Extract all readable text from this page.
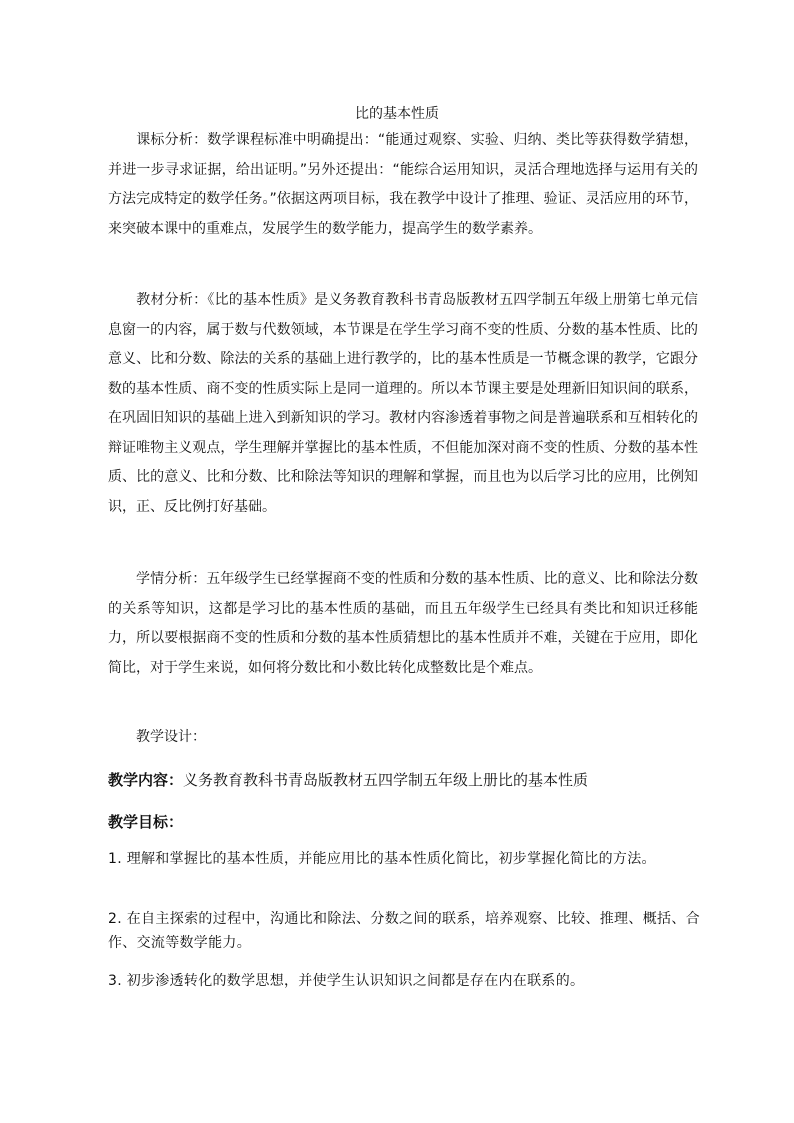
比的基本性质

课标分析：数学课程标准中明确提出：“能通过观察、实验、归纳、类比等获得数学猜想，并进一步寻求证据，给出证明。”另外还提出：“能综合运用知识，灵活合理地选择与运用有关的方法完成特定的数学任务。”依据这两项目标，我在教学中设计了推理、验证、灵活应用的环节，来突破本课中的重难点，发展学生的数学能力，提高学生的数学素养。

教材分析：《比的基本性质》是义务教育教科书青岛版教材五四学制五年级上册第七单元信息窗一的内容，属于数与代数领域，本节课是在学生学习商不变的性质、分数的基本性质、比的意义、比和分数、除法的关系的基础上进行教学的，比的基本性质是一节概念课的教学，它跟分数的基本性质、商不变的性质实际上是同一道理的。所以本节课主要是处理新旧知识间的联系，在巩固旧知识的基础上进入到新知识的学习。教材内容渗透着事物之间是普遍联系和互相转化的辩证唯物主义观点，学生理解并掌握比的基本性质，不但能加深对商不变的性质、分数的基本性质、比的意义、比和分数、比和除法等知识的理解和掌握，而且也为以后学习比的应用，比例知识，正、反比例打好基础。

学情分析：五年级学生已经掌握商不变的性质和分数的基本性质、比的意义、比和除法分数的关系等知识，这都是学习比的基本性质的基础，而且五年级学生已经具有类比和知识迁移能力，所以要根据商不变的性质和分数的基本性质猜想比的基本性质并不难，关键在于应用，即化简比，对于学生来说，如何将分数比和小数比转化成整数比是个难点。

教学设计：

教学内容：义务教育教科书青岛版教材五四学制五年级上册比的基本性质

教学目标：

1. 理解和掌握比的基本性质，并能应用比的基本性质化简比，初步掌握化简比的方法。

2. 在自主探索的过程中，沟通比和除法、分数之间的联系，培养观察、比较、推理、概括、合作、交流等数学能力。

3. 初步渗透转化的数学思想，并使学生认识知识之间都是存在内在联系的。
